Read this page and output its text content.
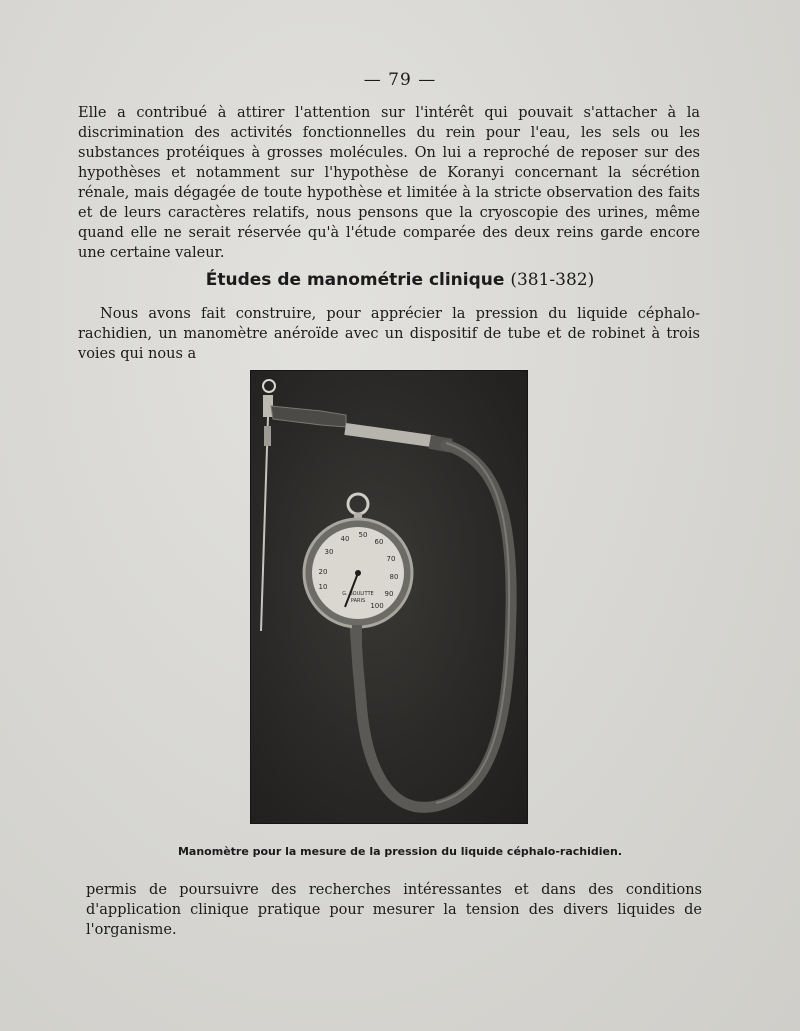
— 79 —

Elle a contribué à attirer l'attention sur l'intérêt qui pouvait s'attacher à la discrimination des activités fonctionnelles du rein pour l'eau, les sels ou les substances protéiques à grosses molécules. On lui a reproché de reposer sur des hypothèses et notamment sur l'hypothèse de Koranyi concernant la sécrétion rénale, mais dégagée de toute hypothèse et limitée à la stricte observation des faits et de leurs caractères relatifs, nous pensons que la cryoscopie des urines, même quand elle ne serait réservée qu'à l'étude comparée des deux reins garde encore une certaine valeur.

Études de manométrie clinique (381-382)

Nous avons fait construire, pour apprécier la pression du liquide céphalo-rachidien, un manomètre anéroïde avec un dispositif de tube et de robinet à trois voies qui nous a

10
20
30
40 50
60
70
80
90
100
G. BOULITTE
PARIS
Manomètre pour la mesure de la pression du liquide céphalo-rachidien.

permis de poursuivre des recherches intéressantes et dans des conditions d'application clinique pratique pour mesurer la tension des divers liquides de l'organisme.
